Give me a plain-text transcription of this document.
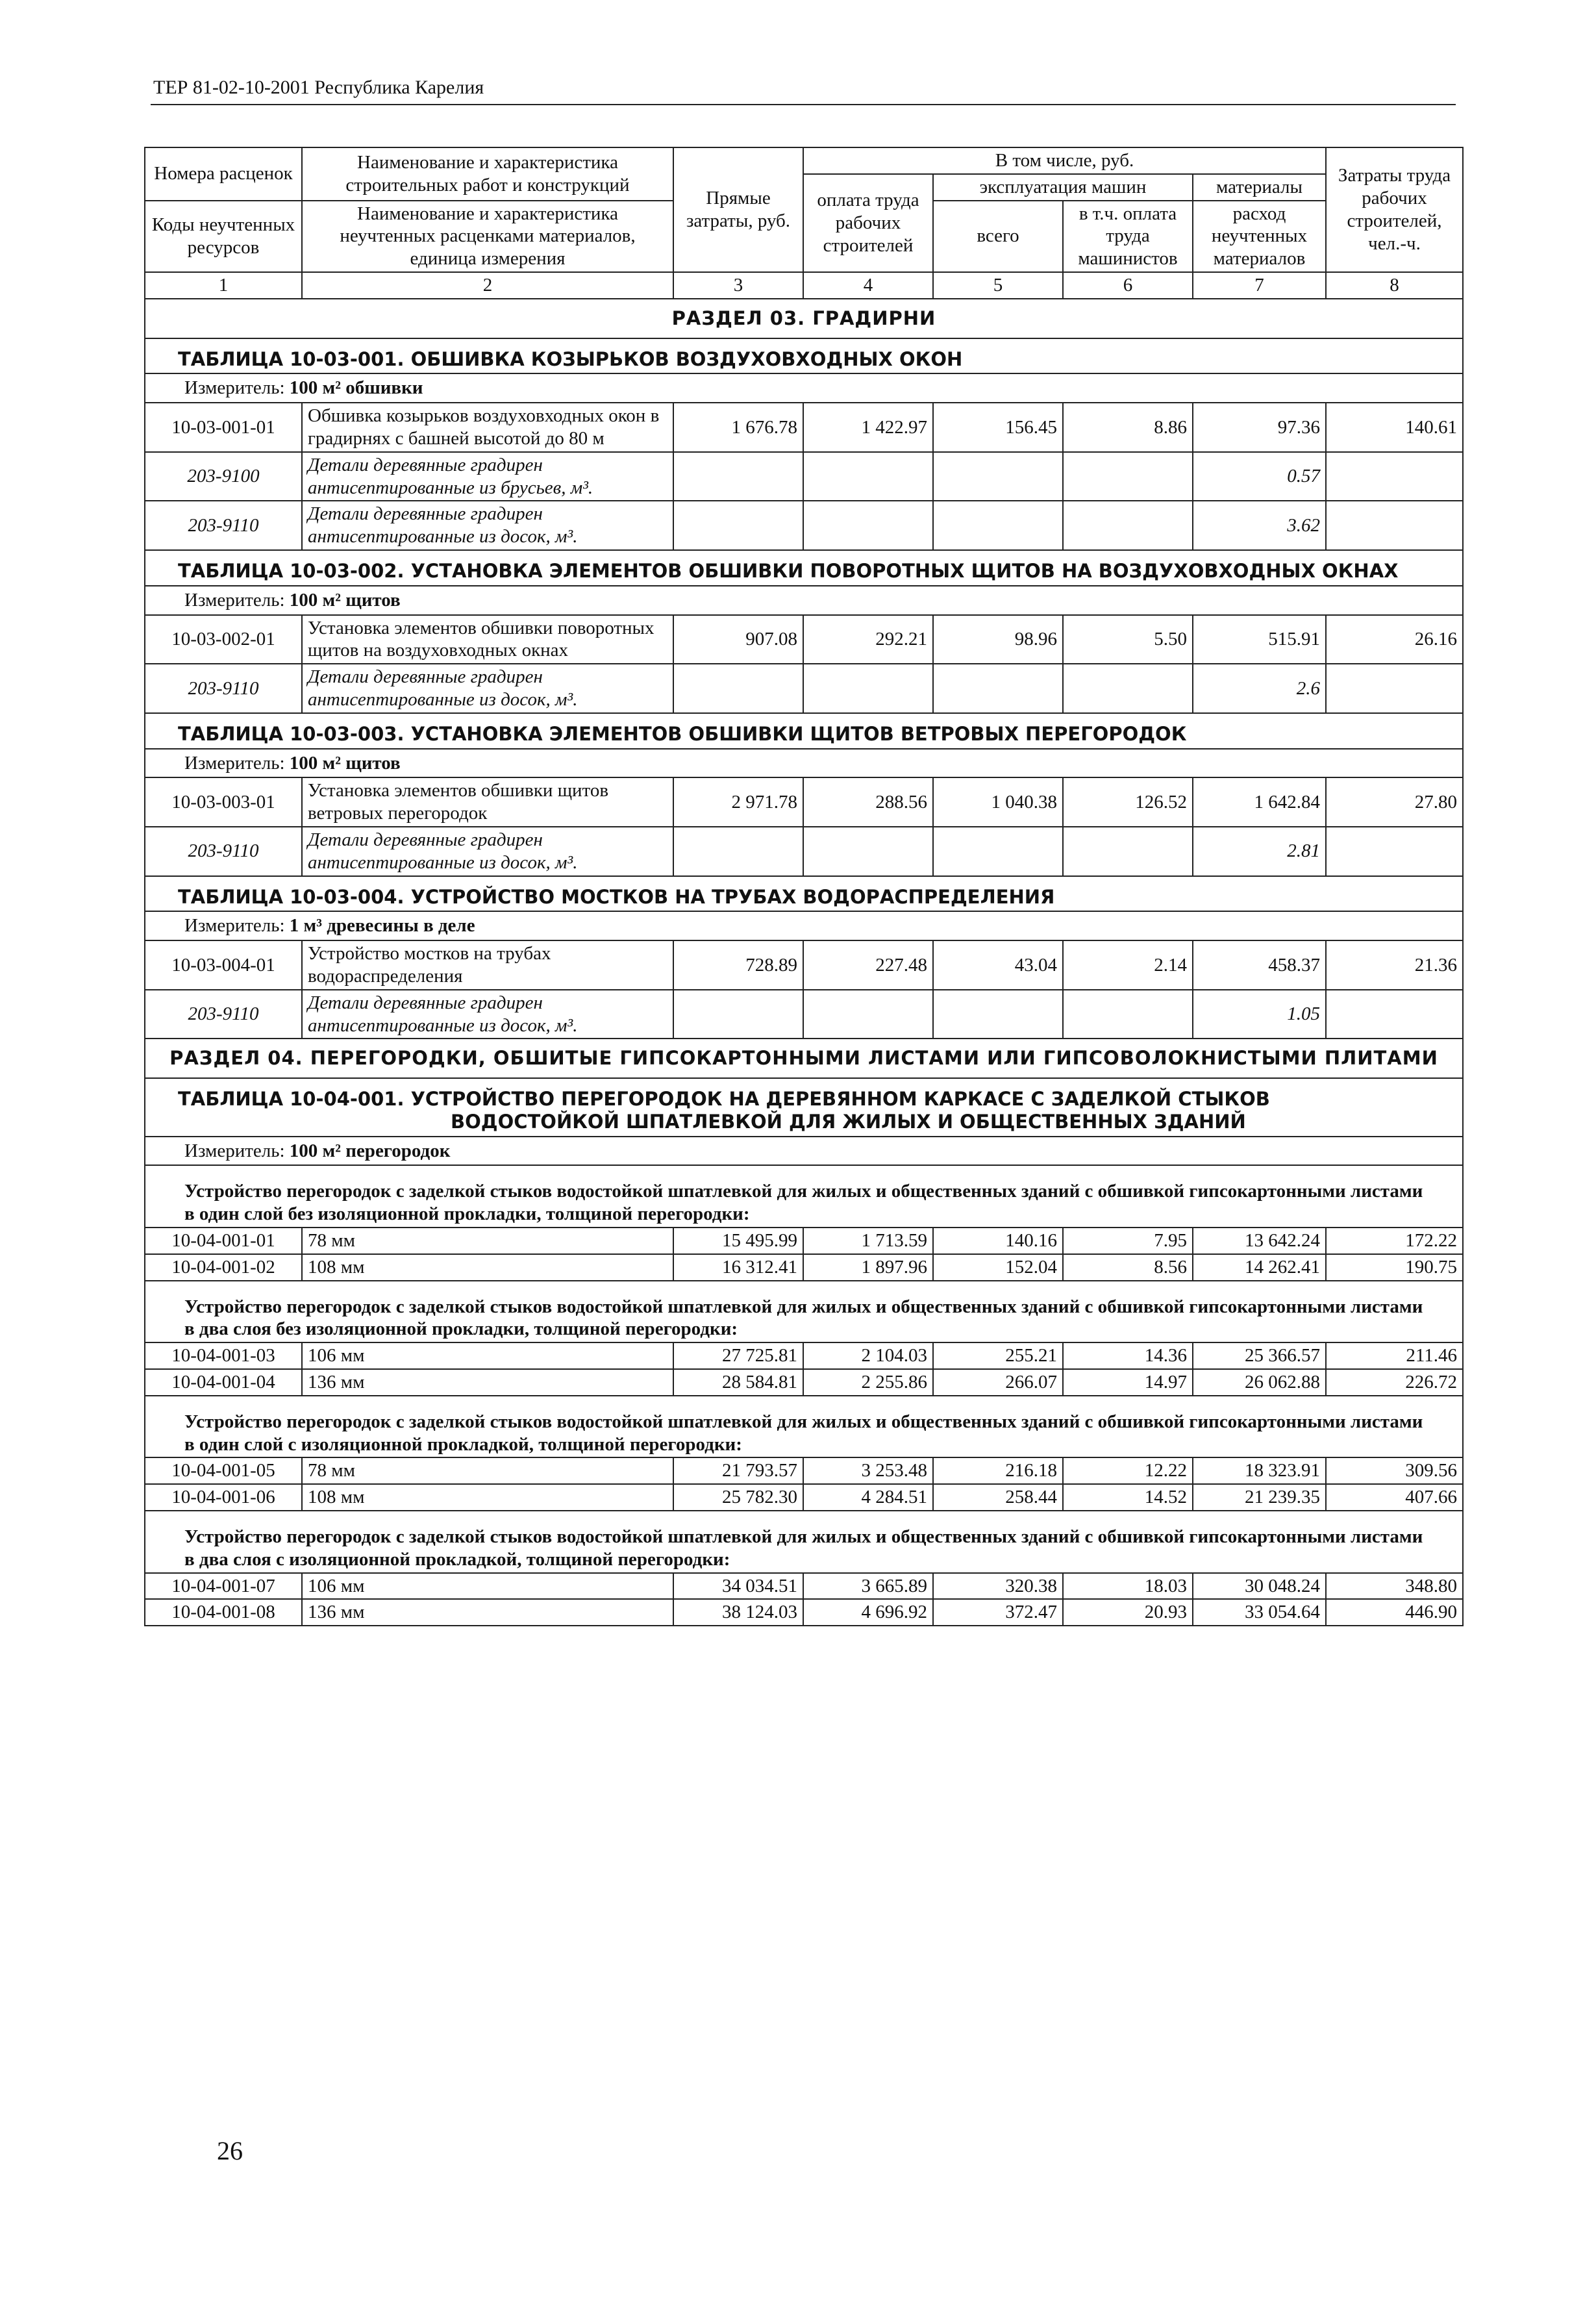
ТЕР 81-02-10-2001 Республика Карелия
Номера расценок	Наименование и характеристика строительных работ и конструкций	Прямые затраты, руб.	В том числе, руб.				Затраты труда рабочих строителей, чел.-ч.
			оплата труда рабочих строителей	эксплуатация машин		материалы	
Коды неучтенных ресурсов	Наименование и характеристика неучтенных расценками материалов, единица измерения			всего	в т.ч. оплата труда машинистов	расход неучтенных материалов	

1	2	3	4	5	6	7	8
РАЗДЕЛ 03. ГРАДИРНИ							

ТАБЛИЦА 10-03-001. ОБШИВКА КОЗЫРЬКОВ ВОЗДУХОВХОДНЫХ ОКОН							

Измеритель: 100 м² обшивки							
10-03-001-01	Обшивка козырьков воздуховходных окон в градирнях с башней высотой до 80 м	1 676.78	1 422.97	156.45	8.86	97.36	140.61
203-9100	Детали деревянные градирен антисептированные из брусьев, м³.					0.57	
203-9110	Детали деревянные градирен антисептированные из досок, м³.					3.62	

ТАБЛИЦА 10-03-002. УСТАНОВКА ЭЛЕМЕНТОВ ОБШИВКИ ПОВОРОТНЫХ ЩИТОВ НА ВОЗДУХОВХОДНЫХ ОКНАХ							

Измеритель: 100 м² щитов							
10-03-002-01	Установка элементов обшивки поворотных щитов на воздуховходных окнах	907.08	292.21	98.96	5.50	515.91	26.16
203-9110	Детали деревянные градирен антисептированные из досок, м³.					2.6	

ТАБЛИЦА 10-03-003. УСТАНОВКА ЭЛЕМЕНТОВ ОБШИВКИ ЩИТОВ ВЕТРОВЫХ ПЕРЕГОРОДОК							

Измеритель: 100 м² щитов							
10-03-003-01	Установка элементов обшивки щитов ветровых перегородок	2 971.78	288.56	1 040.38	126.52	1 642.84	27.80
203-9110	Детали деревянные градирен антисептированные из досок, м³.					2.81	

ТАБЛИЦА 10-03-004. УСТРОЙСТВО МОСТКОВ НА ТРУБАХ ВОДОРАСПРЕДЕЛЕНИЯ							

Измеритель: 1 м³ древесины в деле							
10-03-004-01	Устройство мостков на трубах водораспределения	728.89	227.48	43.04	2.14	458.37	21.36
203-9110	Детали деревянные градирен антисептированные из досок, м³.					1.05	
РАЗДЕЛ 04. ПЕРЕГОРОДКИ, ОБШИТЫЕ ГИПСОКАРТОННЫМИ ЛИСТАМИ ИЛИ ГИПСОВОЛОКНИСТЫМИ ПЛИТАМИ							

ТАБЛИЦА 10-04-001. УСТРОЙСТВО ПЕРЕГОРОДОК НА ДЕРЕВЯННОМ КАРКАСЕ С ЗАДЕЛКОЙ СТЫКОВ ВОДОСТОЙКОЙ ШПАТЛЕВКОЙ ДЛЯ ЖИЛЫХ И ОБЩЕСТВЕННЫХ ЗДАНИЙ							

Измеритель: 100 м² перегородок							
Устройство перегородок с заделкой стыков водостойкой шпатлевкой для жилых и общественных зданий с обшивкой гипсокартонными листами в один слой без изоляционной прокладки, толщиной перегородки:							
10-04-001-01	78 мм	15 495.99	1 713.59	140.16	7.95	13 642.24	172.22
10-04-001-02	108 мм	16 312.41	1 897.96	152.04	8.56	14 262.41	190.75
Устройство перегородок с заделкой стыков водостойкой шпатлевкой для жилых и общественных зданий с обшивкой гипсокартонными листами в два слоя без изоляционной прокладки, толщиной перегородки:							
10-04-001-03	106 мм	27 725.81	2 104.03	255.21	14.36	25 366.57	211.46
10-04-001-04	136 мм	28 584.81	2 255.86	266.07	14.97	26 062.88	226.72
Устройство перегородок с заделкой стыков водостойкой шпатлевкой для жилых и общественных зданий с обшивкой гипсокартонными листами в один слой с изоляционной прокладкой, толщиной перегородки:							
10-04-001-05	78 мм	21 793.57	3 253.48	216.18	12.22	18 323.91	309.56
10-04-001-06	108 мм	25 782.30	4 284.51	258.44	14.52	21 239.35	407.66
Устройство перегородок с заделкой стыков водостойкой шпатлевкой для жилых и общественных зданий с обшивкой гипсокартонными листами в два слоя с изоляционной прокладкой, толщиной перегородки:							
10-04-001-07	106 мм	34 034.51	3 665.89	320.38	18.03	30 048.24	348.80
10-04-001-08	136 мм	38 124.03	4 696.92	372.47	20.93	33 054.64	446.90
26
